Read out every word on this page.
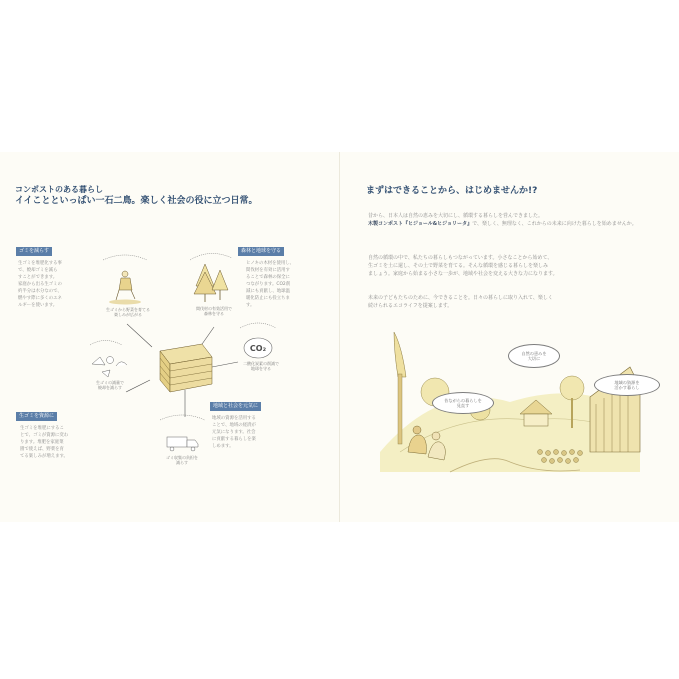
コンポストのある暮らし
イイことといっぱい一石二鳥。楽しく社会の役に立つ日常。
ゴミを減らす
生ゴミを堆肥化する事
で、焼却ゴミを減ら
すことができます。
家庭から出る生ゴミの
約半分は水分なので、
燃やす際に多くのエネ
ルギーを使います。
森林と地球を守る
ヒノキの木材を使用し、
間伐材を有効に活用す
ることで森林の保全に
つながります。CO2削
減にも貢献し、地球温
暖化防止にも役立ちま
す。
生ゴミを資源に
生ゴミを堆肥にするこ
とで、ゴミが資源に変わ
ります。堆肥を家庭菜
園で使えば、野菜を育
てる楽しみが増えます。
地域と社会を元気に
地域の資源を活用する
ことで、地域の経済が
元気になります。社会
に貢献する暮らしを楽
しめます。
CO₂
生ゴミから野菜を育てる
楽しみが広がる
間伐材の有効活用で
森林を守る
二酸化炭素の削減で
地球を守る
生ゴミの減量で
焼却を減らす
ゴミ収集の負担を
減らす
まずはできることから、はじめませんか!?
昔から、日本人は自然の恵みを大切にし、循環する暮らしを営んできました。
木製コンポスト『ヒジョール&ヒジョリータ』で、楽しく、無理なく、これからの未来に向けた暮らしを始めませんか。
自然の循環の中で、私たちの暮らしもつながっています。小さなことから始めて、
生ゴミを土に還し、その土で野菜を育てる。そんな循環を感じる暮らしを楽しみ
ましょう。家庭から始まる小さな一歩が、地域や社会を変える大きな力になります。
未来の子どもたちのために、今できることを。日々の暮らしに取り入れて、楽しく
続けられるエコライフを提案します。
昔ながらの暮らしを
見直す
自然の恵みを
大切に
地域の資源を
活かす暮らし
